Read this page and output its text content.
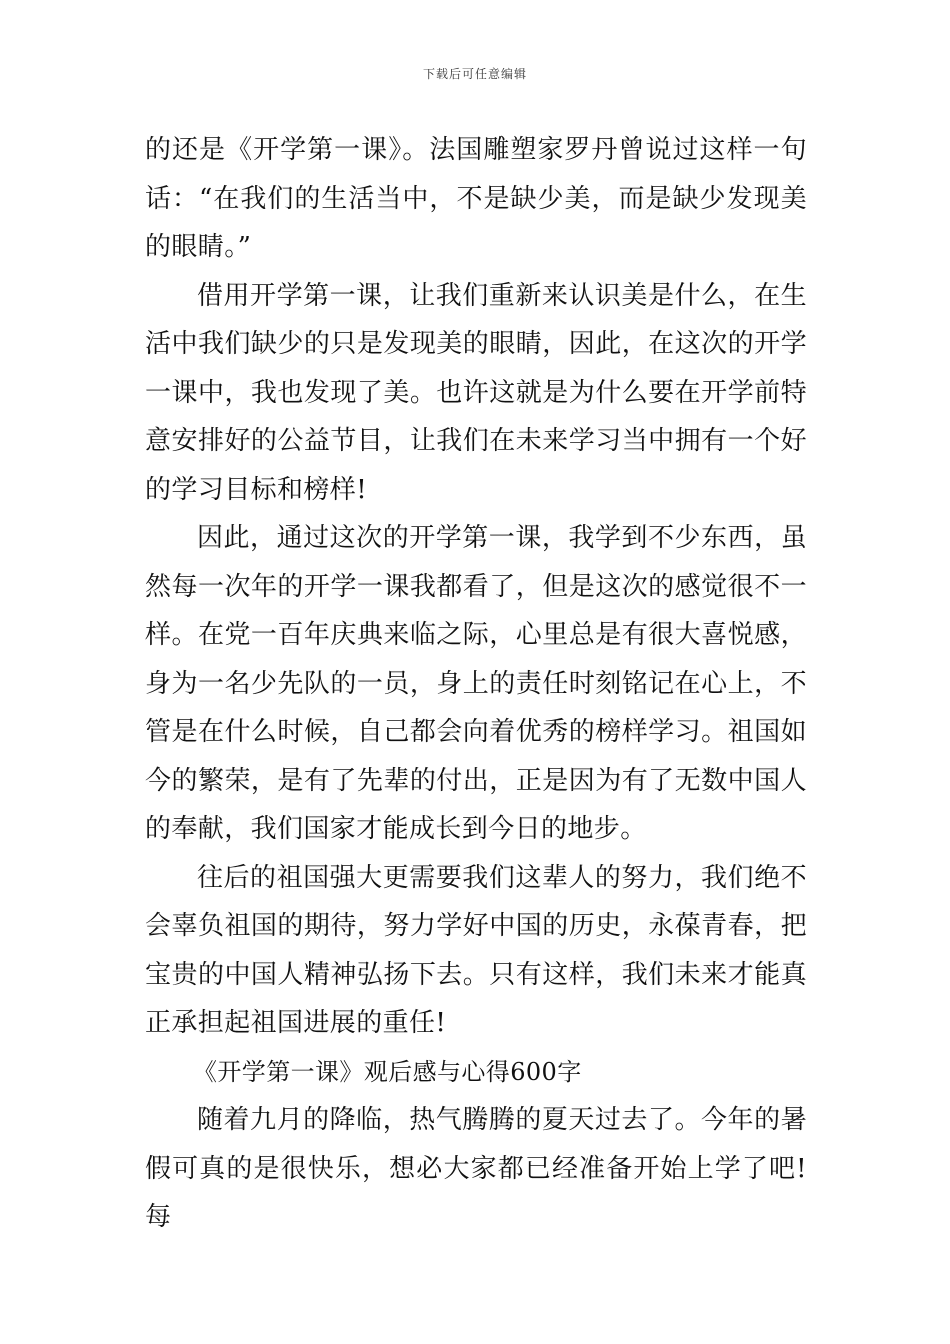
下载后可任意编辑

的还是《开学第一课》。法国雕塑家罗丹曾说过这样一句话：“在我们的生活当中，不是缺少美，而是缺少发现美的眼睛。”

借用开学第一课，让我们重新来认识美是什么，在生活中我们缺少的只是发现美的眼睛，因此，在这次的开学一课中，我也发现了美。也许这就是为什么要在开学前特意安排好的公益节目，让我们在未来学习当中拥有一个好的学习目标和榜样!

因此，通过这次的开学第一课，我学到不少东西，虽然每一次年的开学一课我都看了，但是这次的感觉很不一样。在党一百年庆典来临之际，心里总是有很大喜悦感，身为一名少先队的一员，身上的责任时刻铭记在心上，不管是在什么时候，自己都会向着优秀的榜样学习。祖国如今的繁荣，是有了先辈的付出，正是因为有了无数中国人的奉献，我们国家才能成长到今日的地步。

往后的祖国强大更需要我们这辈人的努力，我们绝不会辜负祖国的期待，努力学好中国的历史，永葆青春，把宝贵的中国人精神弘扬下去。只有这样，我们未来才能真正承担起祖国进展的重任!

《开学第一课》观后感与心得600字

随着九月的降临，热气腾腾的夏天过去了。今年的暑假可真的是很快乐，想必大家都已经准备开始上学了吧!每
